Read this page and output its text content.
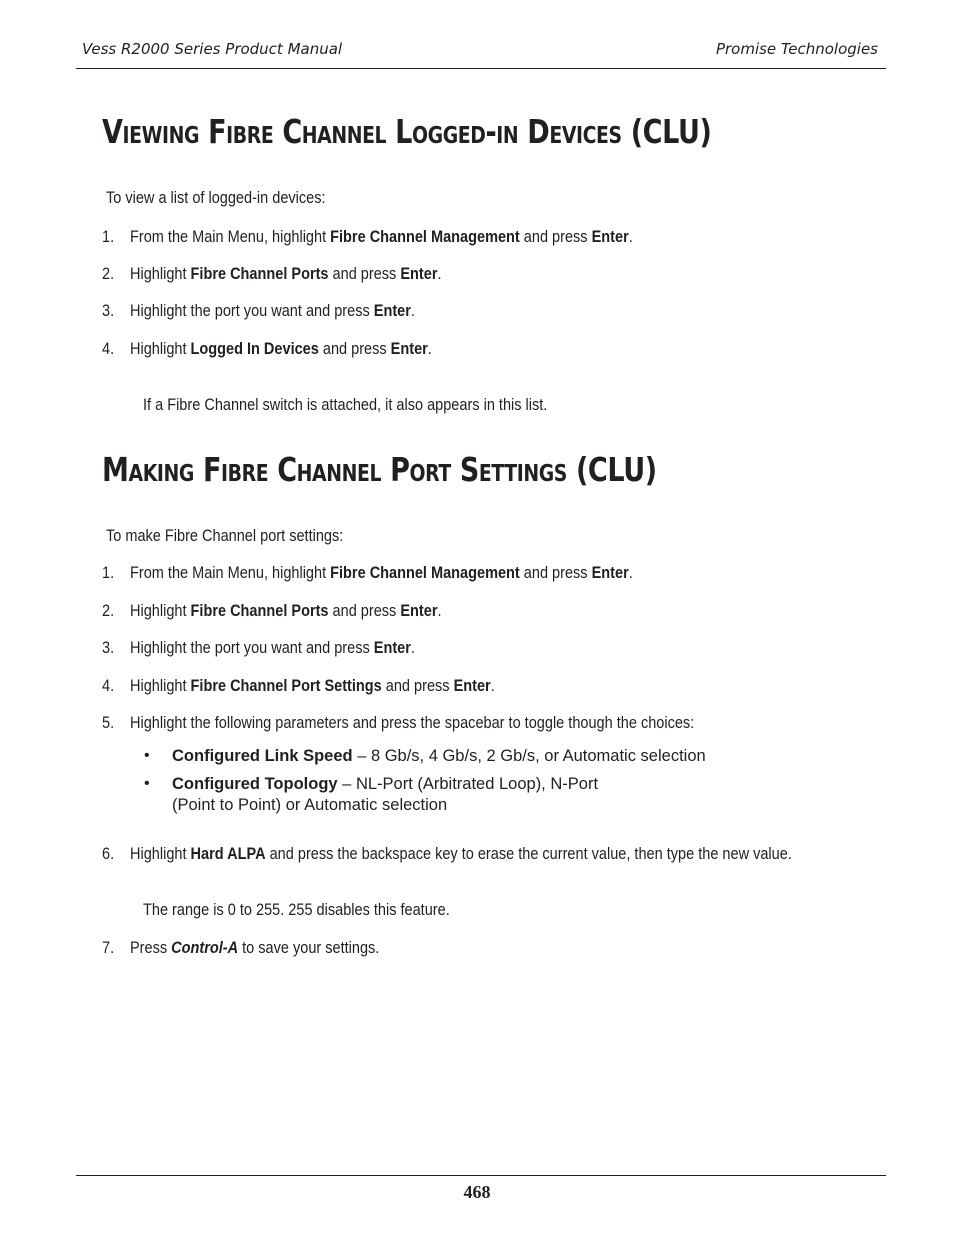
Vess R2000 Series Product Manual	Promise Technologies
Viewing Fibre Channel Logged-in Devices (CLU)
To view a list of logged-in devices:
1. From the Main Menu, highlight Fibre Channel Management and press Enter.
2. Highlight Fibre Channel Ports and press Enter.
3. Highlight the port you want and press Enter.
4. Highlight Logged In Devices and press Enter.
If a Fibre Channel switch is attached, it also appears in this list.
Making Fibre Channel Port Settings (CLU)
To make Fibre Channel port settings:
1. From the Main Menu, highlight Fibre Channel Management and press Enter.
2. Highlight Fibre Channel Ports and press Enter.
3. Highlight the port you want and press Enter.
4. Highlight Fibre Channel Port Settings and press Enter.
5. Highlight the following parameters and press the spacebar to toggle though the choices:
• Configured Link Speed – 8 Gb/s, 4 Gb/s, 2 Gb/s, or Automatic selection
• Configured Topology – NL-Port (Arbitrated Loop), N-Port
(Point to Point) or Automatic selection
6. Highlight Hard ALPA and press the backspace key to erase the current value, then type the new value.
The range is 0 to 255. 255 disables this feature.
7. Press Control-A to save your settings.
468
